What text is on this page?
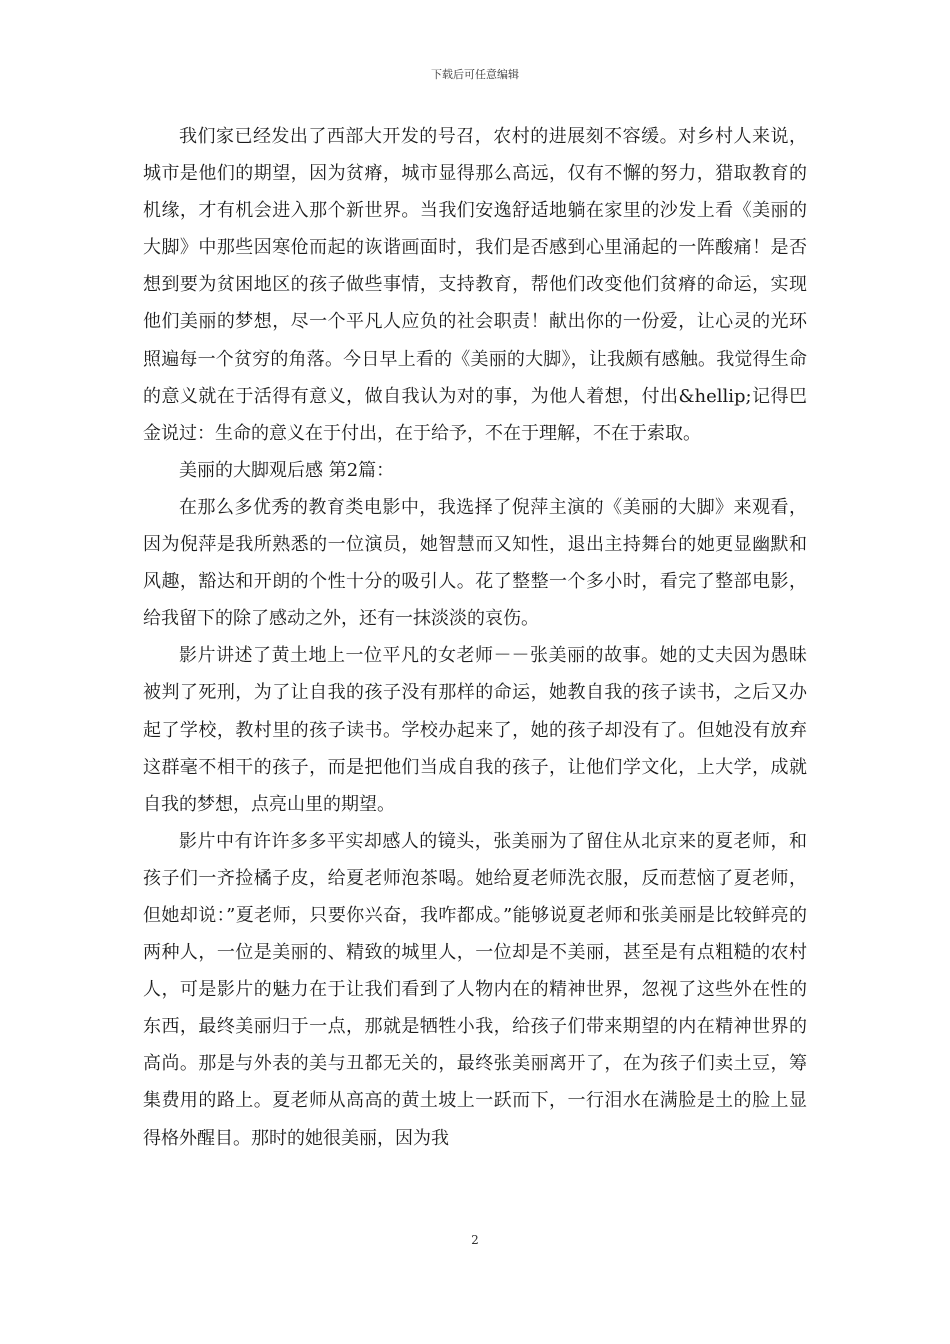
下载后可任意编辑

我们家已经发出了西部大开发的号召，农村的进展刻不容缓。对乡村人来说，城市是他们的期望，因为贫瘠，城市显得那么高远，仅有不懈的努力，猎取教育的机缘，才有机会进入那个新世界。当我们安逸舒适地躺在家里的沙发上看《美丽的大脚》中那些因寒伧而起的诙谐画面时，我们是否感到心里涌起的一阵酸痛！是否想到要为贫困地区的孩子做些事情，支持教育，帮他们改变他们贫瘠的命运，实现他们美丽的梦想，尽一个平凡人应负的社会职责！献出你的一份爱，让心灵的光环照遍每一个贫穷的角落。今日早上看的《美丽的大脚》，让我颇有感触。我觉得生命的意义就在于活得有意义，做自我认为对的事，为他人着想，付出&hellip;记得巴金说过：生命的意义在于付出，在于给予，不在于理解，不在于索取。

美丽的大脚观后感 第2篇：

在那么多优秀的教育类电影中，我选择了倪萍主演的《美丽的大脚》来观看，因为倪萍是我所熟悉的一位演员，她智慧而又知性，退出主持舞台的她更显幽默和风趣，豁达和开朗的个性十分的吸引人。花了整整一个多小时，看完了整部电影，给我留下的除了感动之外，还有一抹淡淡的哀伤。

影片讲述了黄土地上一位平凡的女老师－－张美丽的故事。她的丈夫因为愚昧被判了死刑，为了让自我的孩子没有那样的命运，她教自我的孩子读书，之后又办起了学校，教村里的孩子读书。学校办起来了，她的孩子却没有了。但她没有放弃这群毫不相干的孩子，而是把他们当成自我的孩子，让他们学文化，上大学，成就自我的梦想，点亮山里的期望。

影片中有许许多多平实却感人的镜头，张美丽为了留住从北京来的夏老师，和孩子们一齐捡橘子皮，给夏老师泡茶喝。她给夏老师洗衣服，反而惹恼了夏老师，但她却说：”夏老师，只要你兴奋，我咋都成。”能够说夏老师和张美丽是比较鲜亮的两种人，一位是美丽的、精致的城里人，一位却是不美丽，甚至是有点粗糙的农村人，可是影片的魅力在于让我们看到了人物内在的精神世界，忽视了这些外在性的东西，最终美丽归于一点，那就是牺牲小我，给孩子们带来期望的内在精神世界的高尚。那是与外表的美与丑都无关的，最终张美丽离开了，在为孩子们卖土豆，筹集费用的路上。夏老师从高高的黄土坡上一跃而下，一行泪水在满脸是土的脸上显得格外醒目。那时的她很美丽，因为我

2
